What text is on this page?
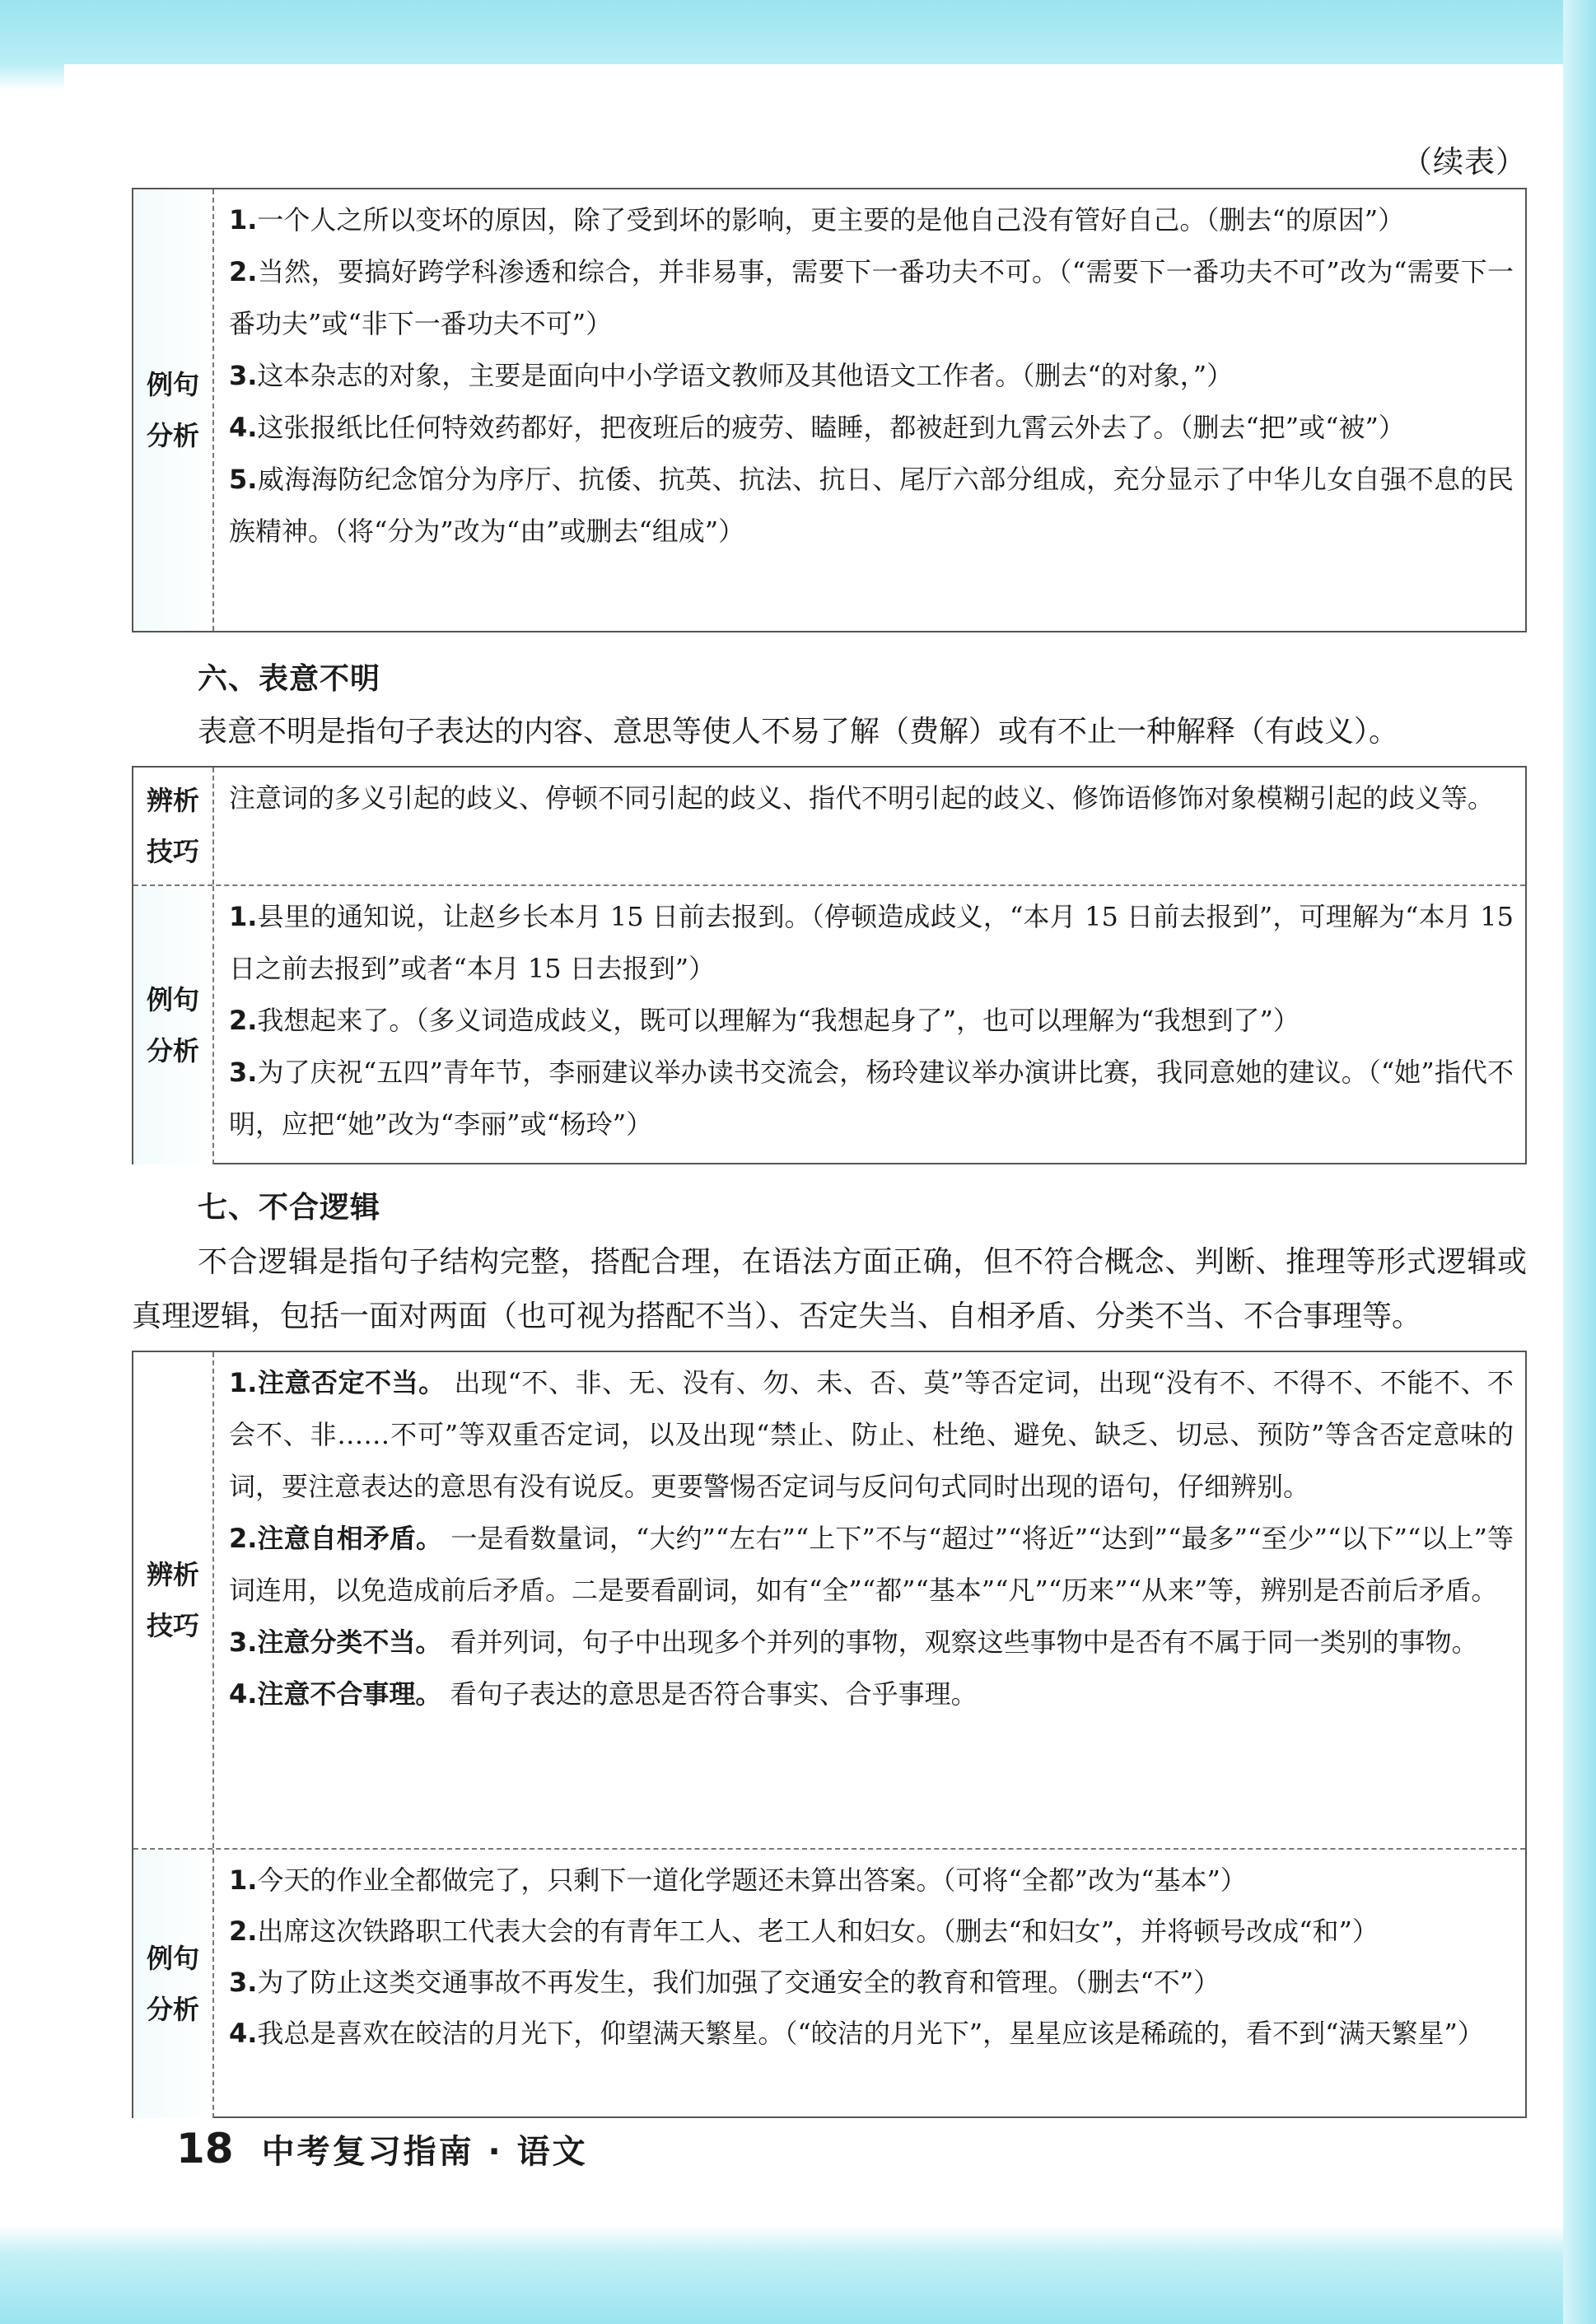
（续表）
例句
分析

1.一个人之所以变坏的原因，除了受到坏的影响，更主要的是他自己没有管好自己。（删去“的原因”）

2.当然，要搞好跨学科渗透和综合，并非易事，需要下一番功夫不可。（“需要下一番功夫不可”改为“需要下一番功夫”或“非下一番功夫不可”）

3.这本杂志的对象，主要是面向中小学语文教师及其他语文工作者。（删去“的对象，”）

4.这张报纸比任何特效药都好，把夜班后的疲劳、瞌睡，都被赶到九霄云外去了。（删去“把”或“被”）

5.威海海防纪念馆分为序厅、抗倭、抗英、抗法、抗日、尾厅六部分组成，充分显示了中华儿女自强不息的民族精神。（将“分为”改为“由”或删去“组成”）

六、表意不明

表意不明是指句子表达的内容、意思等使人不易了解（费解）或有不止一种解释（有歧义）。

辨析
技巧

注意词的多义引起的歧义、停顿不同引起的歧义、指代不明引起的歧义、修饰语修饰对象模糊引起的歧义等。

例句
分析

1.县里的通知说，让赵乡长本月 15 日前去报到。（停顿造成歧义，“本月 15 日前去报到”，可理解为“本月 15 日之前去报到”或者“本月 15 日去报到”）

2.我想起来了。（多义词造成歧义，既可以理解为“我想起身了”，也可以理解为“我想到了”）

3.为了庆祝“五四”青年节，李丽建议举办读书交流会，杨玲建议举办演讲比赛，我同意她的建议。（“她”指代不明，应把“她”改为“李丽”或“杨玲”）

七、不合逻辑

不合逻辑是指句子结构完整，搭配合理，在语法方面正确，但不符合概念、判断、推理等形式逻辑或真理逻辑，包括一面对两面（也可视为搭配不当）、否定失当、自相矛盾、分类不当、不合事理等。

辨析
技巧

1.注意否定不当。 出现“不、非、无、没有、勿、未、否、莫”等否定词，出现“没有不、不得不、不能不、不会不、非……不可”等双重否定词，以及出现“禁止、防止、杜绝、避免、缺乏、切忌、预防”等含否定意味的词，要注意表达的意思有没有说反。更要警惕否定词与反问句式同时出现的语句，仔细辨别。

2.注意自相矛盾。 一是看数量词，“大约”“左右”“上下”不与“超过”“将近”“达到”“最多”“至少”“以下”“以上”等词连用，以免造成前后矛盾。二是要看副词，如有“全”“都”“基本”“凡”“历来”“从来”等，辨别是否前后矛盾。

3.注意分类不当。 看并列词，句子中出现多个并列的事物，观察这些事物中是否有不属于同一类别的事物。

4.注意不合事理。 看句子表达的意思是否符合事实、合乎事理。

例句
分析

1.今天的作业全都做完了，只剩下一道化学题还未算出答案。（可将“全都”改为“基本”）

2.出席这次铁路职工代表大会的有青年工人、老工人和妇女。（删去“和妇女”，并将顿号改成“和”）

3.为了防止这类交通事故不再发生，我们加强了交通安全的教育和管理。（删去“不”）

4.我总是喜欢在皎洁的月光下，仰望满天繁星。（“皎洁的月光下”，星星应该是稀疏的，看不到“满天繁星”）

18 中考复习指南 · 语文
